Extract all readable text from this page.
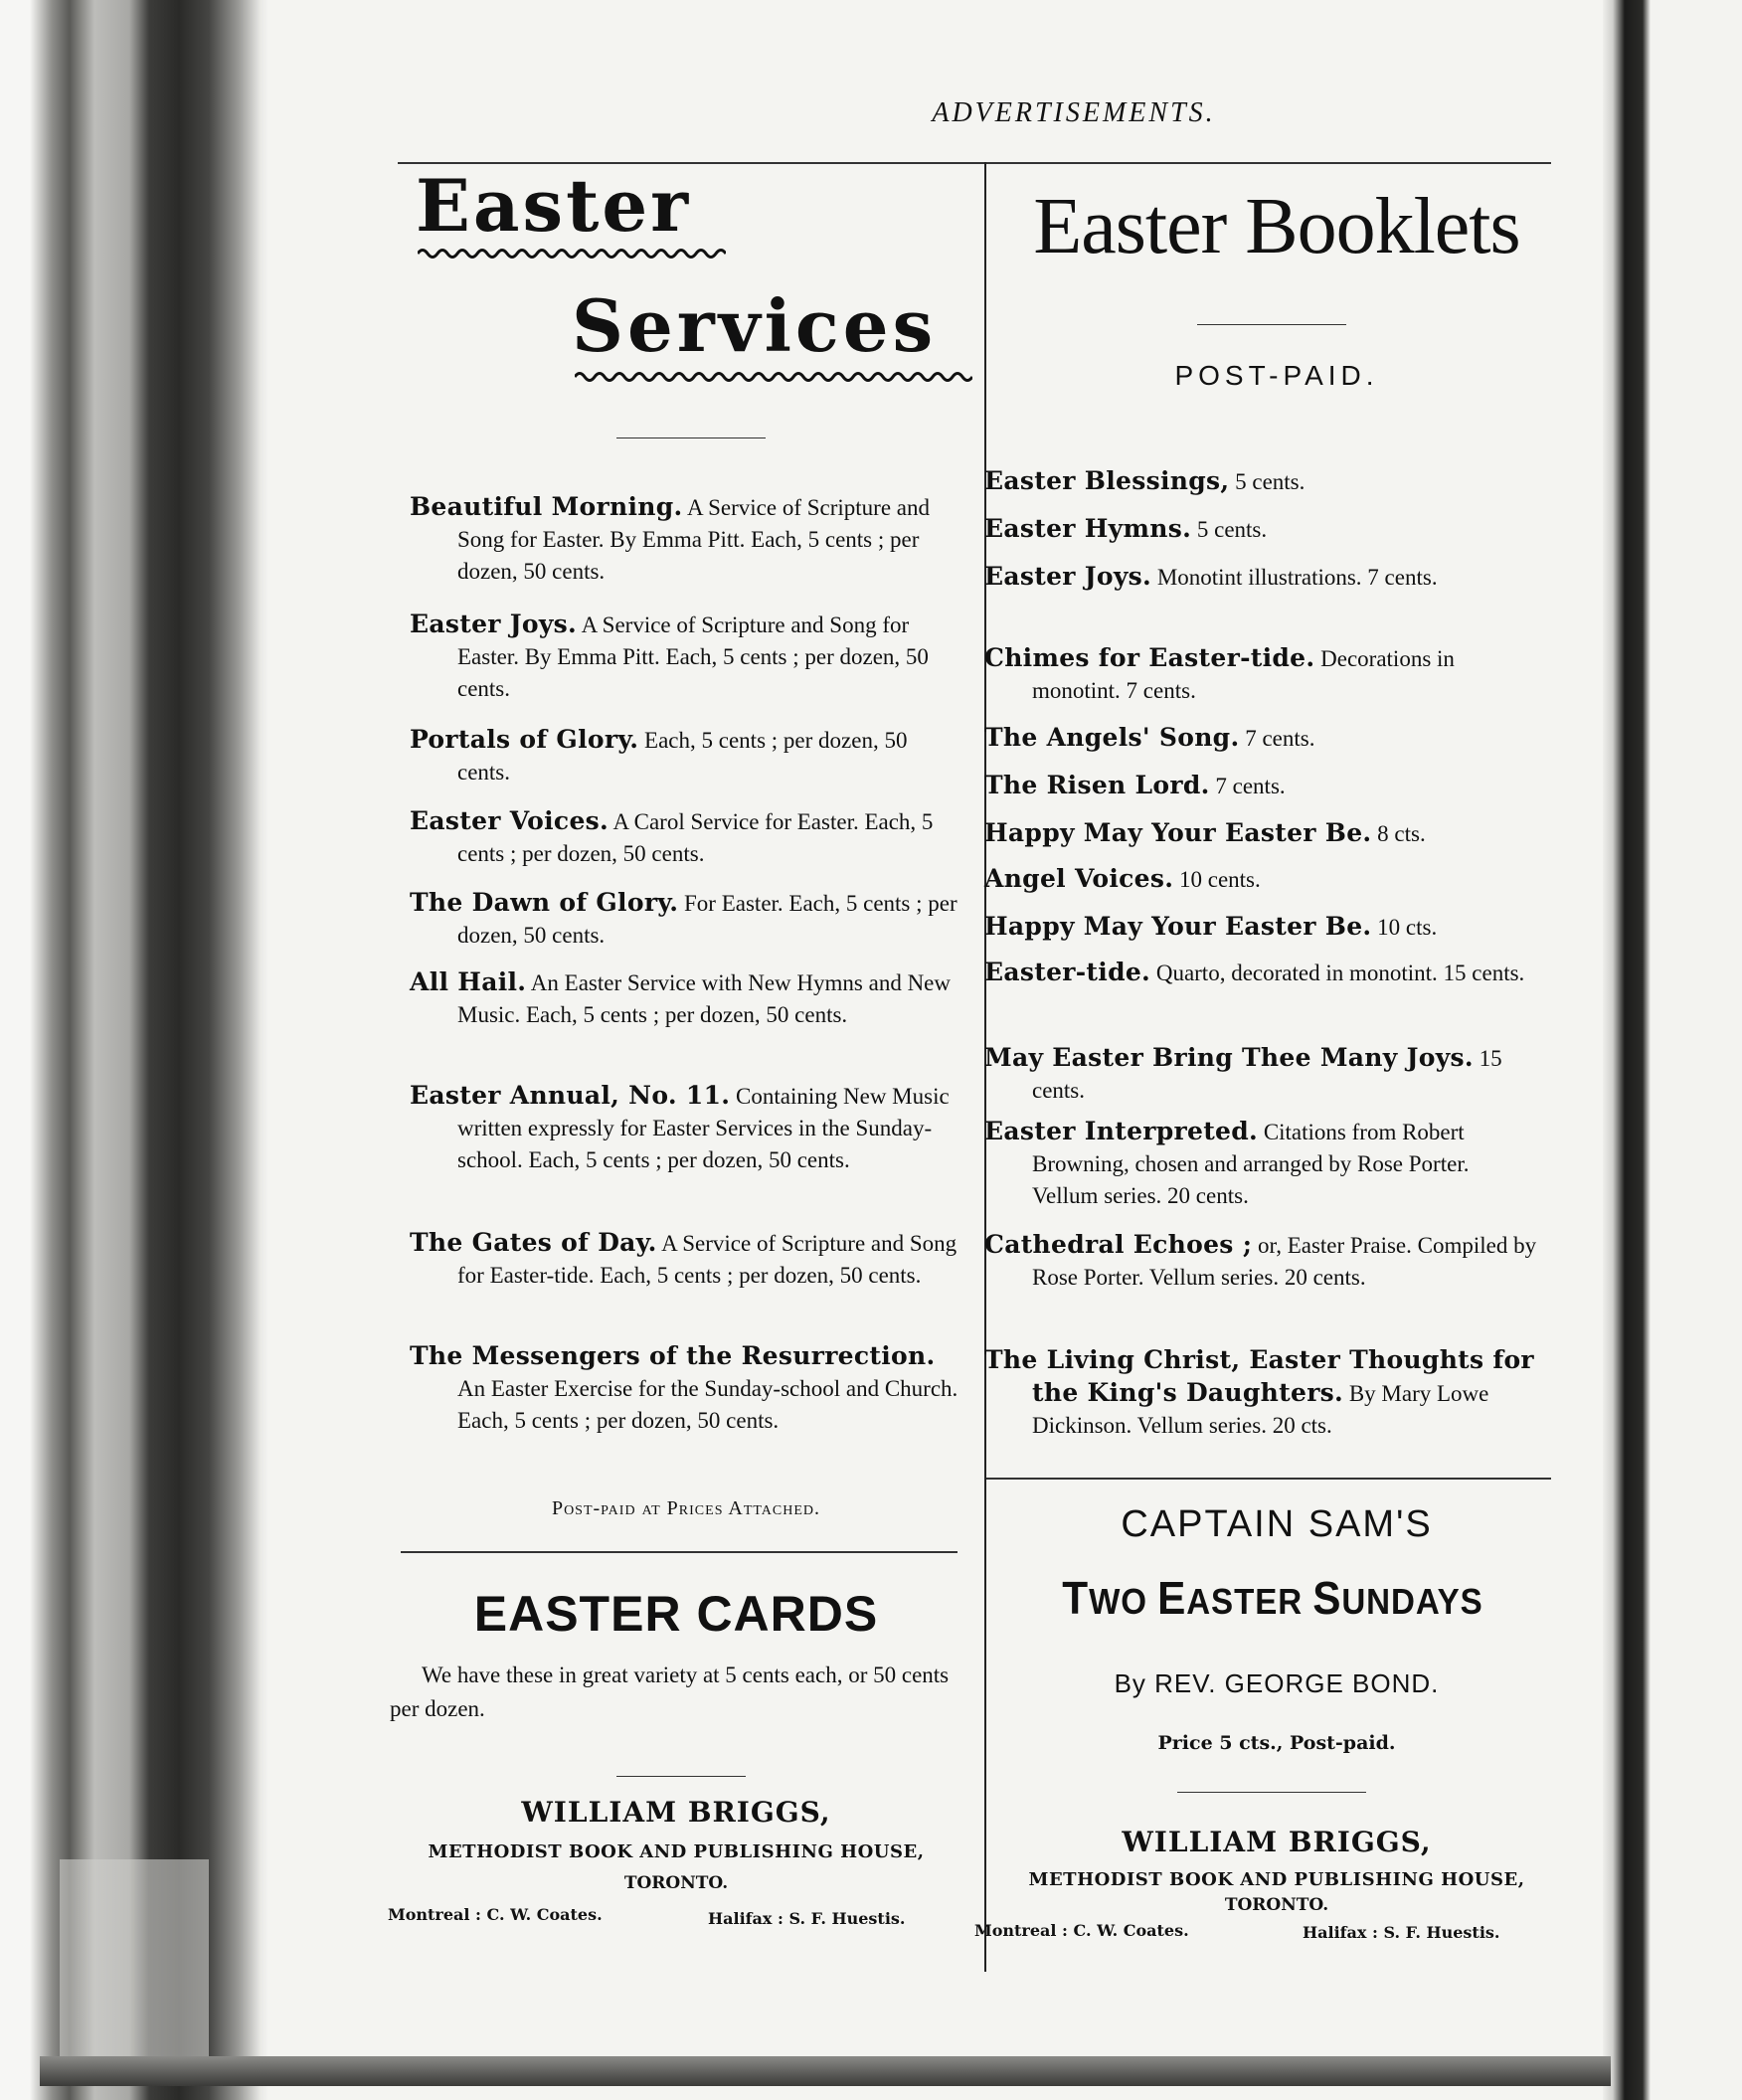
ADVERTISEMENTS.
Easter
Services
Beautiful Morning. A Service of Scripture and Song for Easter. By Emma Pitt. Each, 5 cents ; per dozen, 50 cents.
Easter Joys. A Service of Scripture and Song for Easter. By Emma Pitt. Each, 5 cents ; per dozen, 50 cents.
Portals of Glory. Each, 5 cents ; per dozen, 50 cents.
Easter Voices. A Carol Service for Easter. Each, 5 cents ; per dozen, 50 cents.
The Dawn of Glory. For Easter. Each, 5 cents ; per dozen, 50 cents.
All Hail. An Easter Service with New Hymns and New Music. Each, 5 cents ; per dozen, 50 cents.
Easter Annual, No. 11. Containing New Music written expressly for Easter Services in the Sunday-school. Each, 5 cents ; per dozen, 50 cents.
The Gates of Day. A Service of Scripture and Song for Easter-tide. Each, 5 cents ; per dozen, 50 cents.
The Messengers of the Resurrection. An Easter Exercise for the Sunday-school and Church. Each, 5 cents ; per dozen, 50 cents.
Post-paid at Prices Attached.
EASTER CARDS
We have these in great variety at 5 cents each, or 50 cents per dozen.
WILLIAM BRIGGS,
METHODIST BOOK AND PUBLISHING HOUSE,
TORONTO.
Montreal : C. W. Coates.	Halifax : S. F. Huestis.
Easter Booklets
POST-PAID.
Easter Blessings, 5 cents.
Easter Hymns. 5 cents.
Easter Joys. Monotint illustrations. 7 cents.
Chimes for Easter-tide. Decorations in monotint. 7 cents.
The Angels' Song. 7 cents.
The Risen Lord. 7 cents.
Happy May Your Easter Be. 8 cts.
Angel Voices. 10 cents.
Happy May Your Easter Be. 10 cts.
Easter-tide. Quarto, decorated in monotint. 15 cents.
May Easter Bring Thee Many Joys. 15 cents.
Easter Interpreted. Citations from Robert Browning, chosen and arranged by Rose Porter. Vellum series. 20 cents.
Cathedral Echoes ; or, Easter Praise. Compiled by Rose Porter. Vellum series. 20 cents.
The Living Christ, Easter Thoughts for the King's Daughters. By Mary Lowe Dickinson. Vellum series. 20 cts.
CAPTAIN SAM'S
TWO EASTER SUNDAYS
By REV. GEORGE BOND.
Price 5 cts., Post-paid.
WILLIAM BRIGGS,
METHODIST BOOK AND PUBLISHING HOUSE,
TORONTO.
Montreal : C. W. Coates.	Halifax : S. F. Huestis.
